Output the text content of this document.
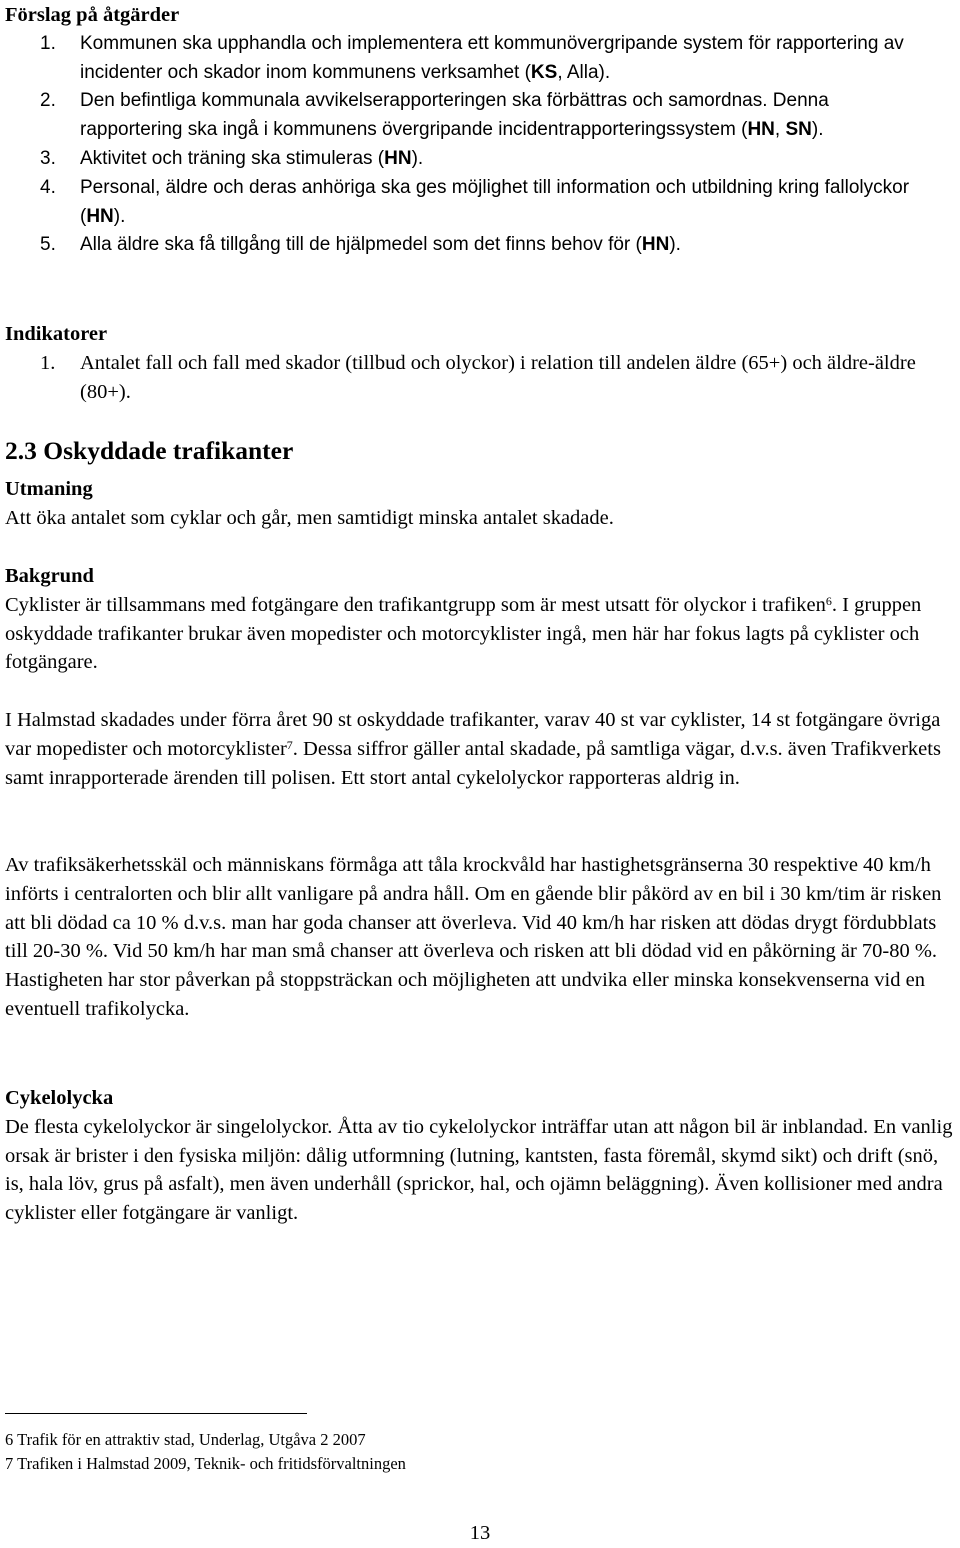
Förslag på åtgärder
1. Kommunen ska upphandla och implementera ett kommunövergripande system för rapportering av incidenter och skador inom kommunens verksamhet (KS, Alla).
2. Den befintliga kommunala avvikelserapporteringen ska förbättras och samordnas. Denna rapportering ska ingå i kommunens övergripande incidentrapporteringssystem (HN, SN).
3. Aktivitet och träning ska stimuleras (HN).
4. Personal, äldre och deras anhöriga ska ges möjlighet till information och utbildning kring fallolyckor (HN).
5. Alla äldre ska få tillgång till de hjälpmedel som det finns behov för (HN).
Indikatorer
1. Antalet fall och fall med skador (tillbud och olyckor) i relation till andelen äldre (65+) och äldre-äldre (80+).
2.3 Oskyddade trafikanter
Utmaning

Att öka antalet som cyklar och går, men samtidigt minska antalet skadade.

Bakgrund

Cyklister är tillsammans med fotgängare den trafikantgrupp som är mest utsatt för olyckor i trafiken$^6$. I gruppen oskyddade trafikanter brukar även mopedister och motorcyklister ingå, men här har fokus lagts på cyklister och fotgängare.

I Halmstad skadades under förra året 90 st oskyddade trafikanter, varav 40 st var cyklister, 14 st fotgängare övriga var mopedister och motorcyklister$^7$. Dessa siffror gäller antal skadade, på samtliga vägar, d.v.s. även Trafikverkets samt inrapporterade ärenden till polisen. Ett stort antal cykelolyckor rapporteras aldrig in.

Av trafiksäkerhetsskäl och människans förmåga att tåla krockvåld har hastighetsgränserna 30 respektive 40 km/h införts i centralorten och blir allt vanligare på andra håll. Om en gående blir påkörd av en bil i 30 km/tim är risken att bli dödad ca 10 % d.v.s. man har goda chanser att överleva. Vid 40 km/h har risken att dödas drygt fördubblats till 20-30 %. Vid 50 km/h har man små chanser att överleva och risken att bli dödad vid en påkörning är 70-80 %. Hastigheten har stor påverkan på stoppsträckan och möjligheten att undvika eller minska konsekvenserna vid en eventuell trafikolycka.

Cykelolycka

De flesta cykelolyckor är singelolyckor. Åtta av tio cykelolyckor inträffar utan att någon bil är inblandad. En vanlig orsak är brister i den fysiska miljön: dålig utformning (lutning, kantsten, fasta föremål, skymd sikt) och drift (snö, is, hala löv, grus på asfalt), men även underhåll (sprickor, hal, och ojämn beläggning). Även kollisioner med andra cyklister eller fotgängare är vanligt.

6 Trafik för en attraktiv stad, Underlag, Utgåva 2 2007
7 Trafiken i Halmstad 2009, Teknik- och fritidsförvaltningen
13
